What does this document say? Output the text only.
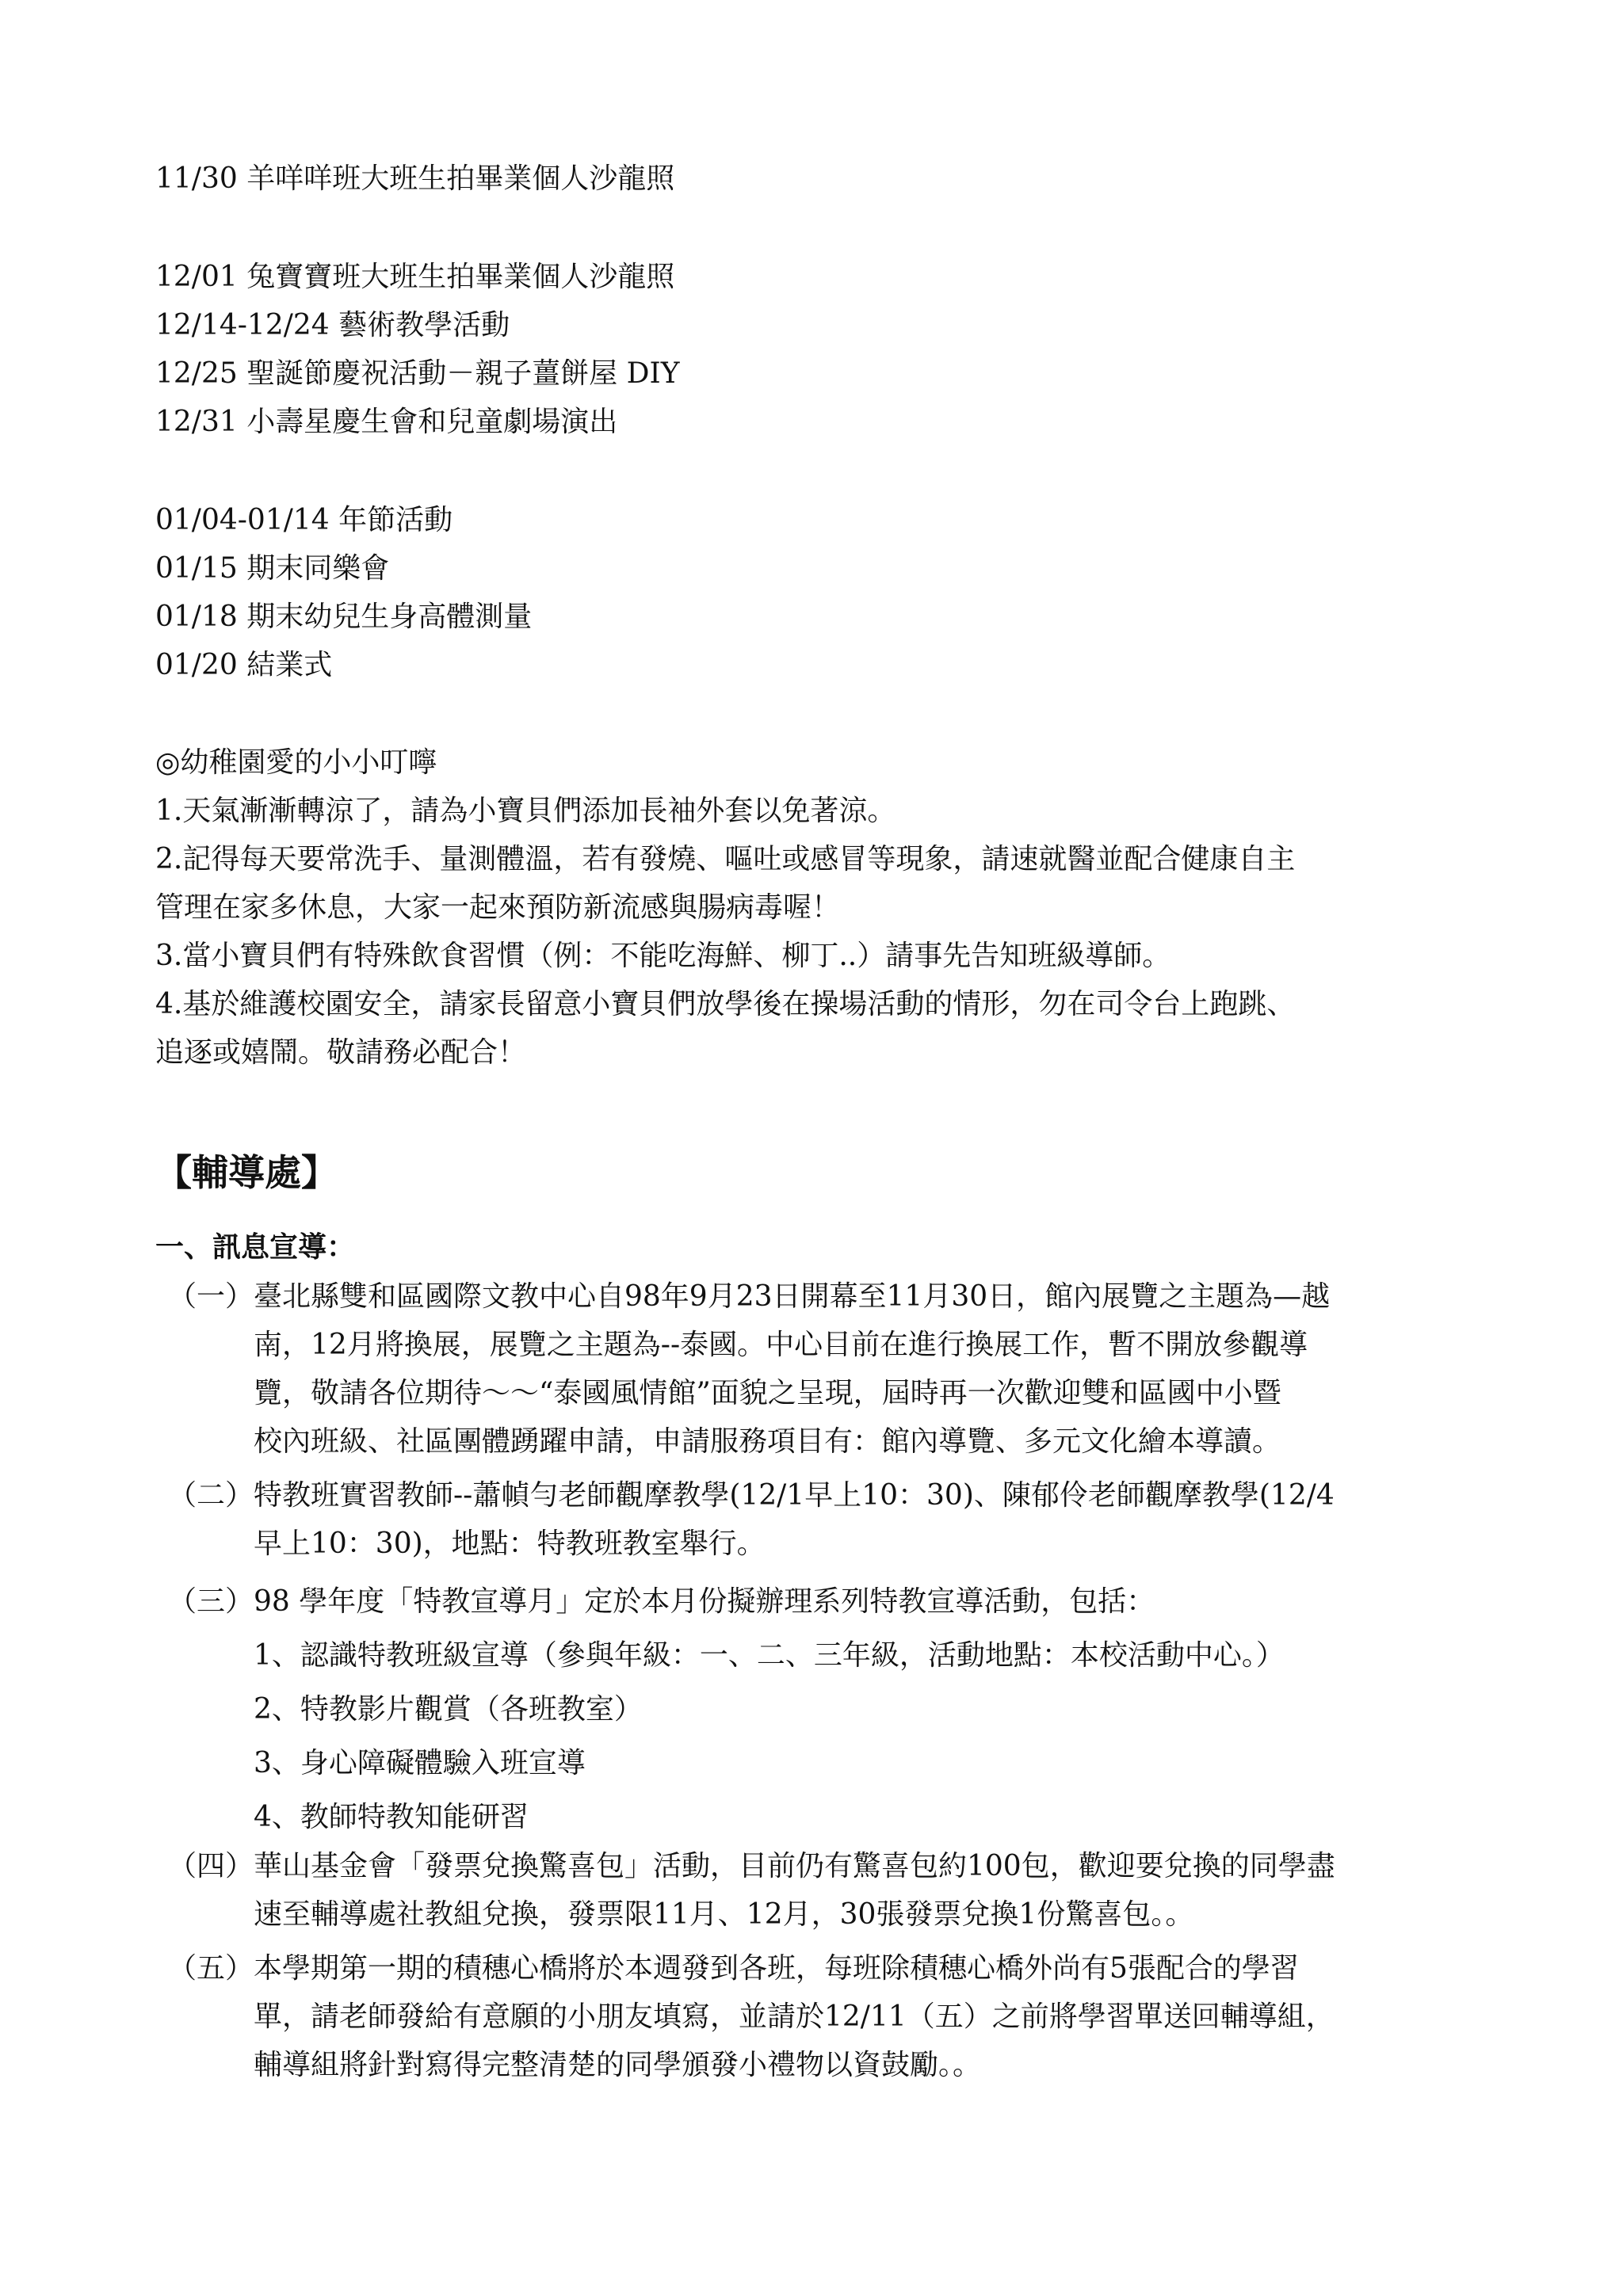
11/30 羊咩咩班大班生拍畢業個人沙龍照
12/01 兔寶寶班大班生拍畢業個人沙龍照
12/14-12/24 藝術教學活動
12/25 聖誕節慶祝活動－親子薑餅屋 DIY
12/31 小壽星慶生會和兒童劇場演出
01/04-01/14 年節活動
01/15 期末同樂會
01/18 期末幼兒生身高體測量
01/20 結業式
◎幼稚園愛的小小叮嚀
1.天氣漸漸轉涼了，請為小寶貝們添加長袖外套以免著涼。
2.記得每天要常洗手、量測體溫，若有發燒、嘔吐或感冒等現象，請速就醫並配合健康自主
管理在家多休息，大家一起來預防新流感與腸病毒喔！
3.當小寶貝們有特殊飲食習慣（例：不能吃海鮮、柳丁..）請事先告知班級導師。
4.基於維護校園安全，請家長留意小寶貝們放學後在操場活動的情形，勿在司令台上跑跳、
追逐或嬉鬧。敬請務必配合！
【輔導處】
一、訊息宣導：
（一）臺北縣雙和區國際文教中心自98年9月23日開幕至11月30日，館內展覽之主題為—越
南，12月將換展，展覽之主題為--泰國。中心目前在進行換展工作，暫不開放參觀導
覽，敬請各位期待～～“泰國風情館”面貌之呈現，屆時再一次歡迎雙和區國中小暨
校內班級、社區團體踴躍申請，申請服務項目有：館內導覽、多元文化繪本導讀。
（二）特教班實習教師--蕭幀勻老師觀摩教學(12/1早上10：30)、陳郁伶老師觀摩教學(12/4
早上10：30)，地點：特教班教室舉行。
（三）98 學年度「特教宣導月」定於本月份擬辦理系列特教宣導活動，包括：
1、認識特教班級宣導（參與年級：一、二、三年級，活動地點：本校活動中心。）
2、特教影片觀賞（各班教室）
3、身心障礙體驗入班宣導
4、教師特教知能研習
（四）華山基金會「發票兌換驚喜包」活動，目前仍有驚喜包約100包，歡迎要兌換的同學盡
速至輔導處社教組兌換，發票限11月、12月，30張發票兌換1份驚喜包。。
（五）本學期第一期的積穗心橋將於本週發到各班，每班除積穗心橋外尚有5張配合的學習
單，請老師發給有意願的小朋友填寫，並請於12/11（五）之前將學習單送回輔導組，
輔導組將針對寫得完整清楚的同學頒發小禮物以資鼓勵。。
